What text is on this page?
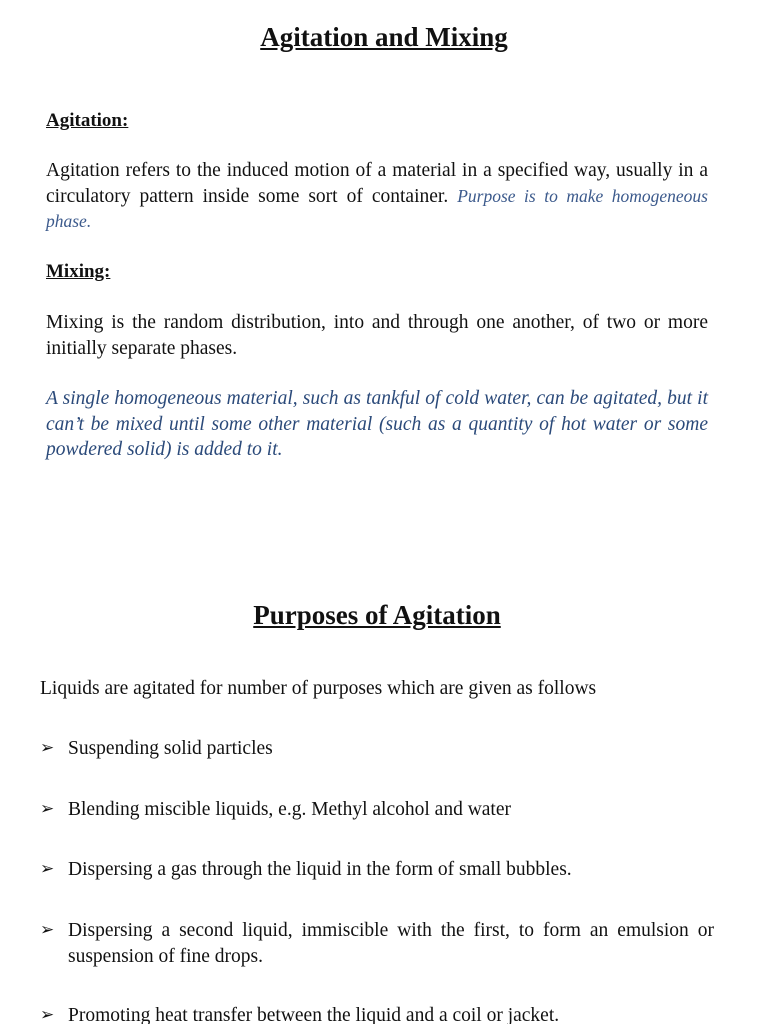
Agitation and Mixing
Agitation:

Agitation refers to the induced motion of a material in a specified way, usually in a circulatory pattern inside some sort of container. Purpose is to make homogeneous phase.

Mixing:

Mixing is the random distribution, into and through one another, of two or more initially separate phases.

A single homogeneous material, such as tankful of cold water, can be agitated, but it can’t be mixed until some other material (such as a quantity of hot water or some powdered solid) is added to it.

Purposes of Agitation

Liquids are agitated for number of purposes which are given as follows

➢ Suspending solid particles
➢ Blending miscible liquids, e.g. Methyl alcohol and water
➢ Dispersing a gas through the liquid in the form of small bubbles.
➢ Dispersing a second liquid, immiscible with the first, to form an emulsion or suspension of fine drops.
➢ Promoting heat transfer between the liquid and a coil or jacket.
